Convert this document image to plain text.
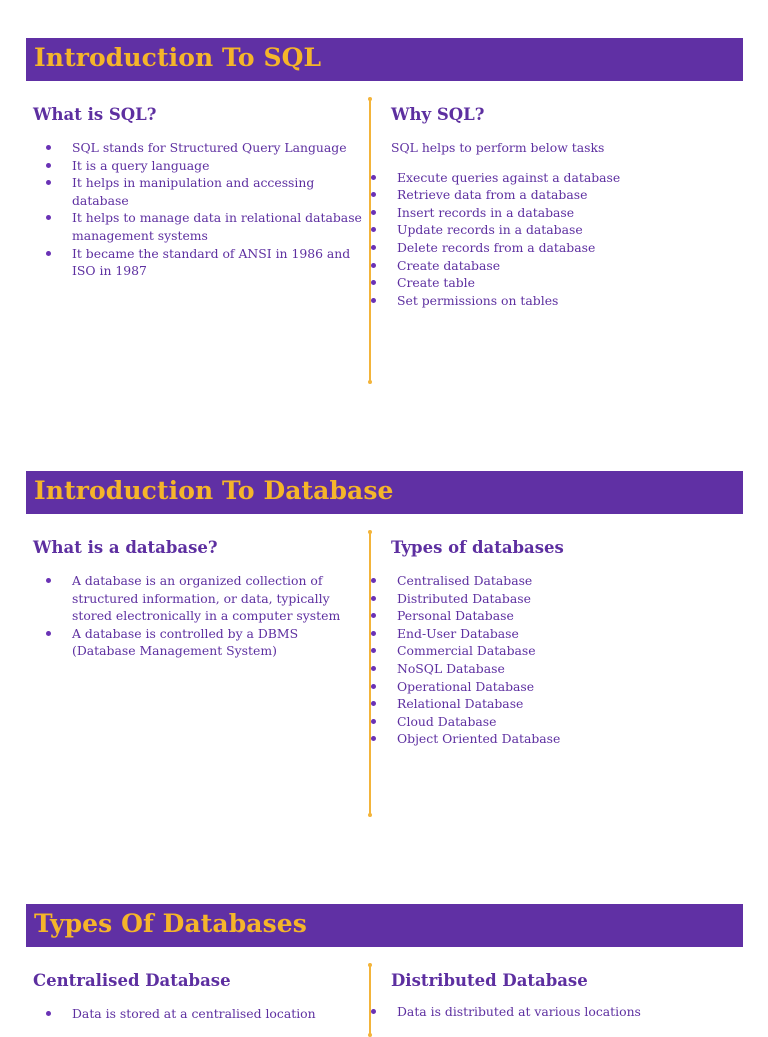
Introduction To SQL
What is SQL?
SQL stands for Structured Query Language
It is a query language
It helps in manipulation and accessing database
It helps to manage data in relational database management systems
It became the standard of ANSI in 1986 and ISO in 1987
Why SQL?

SQL helps to perform below tasks

Execute queries against a database
Retrieve data from a database
Insert records in a database
Update records in a database
Delete records from a database
Create database
Create table
Set permissions on tables
Introduction To Database
What is a database?
A database is an organized collection of structured information, or data, typically stored electronically in a computer system
A database is controlled by a DBMS (Database Management System)
Types of databases
Centralised Database
Distributed Database
Personal Database
End-User Database
Commercial Database
NoSQL Database
Operational Database
Relational Database
Cloud Database
Object Oriented Database
Types Of Databases
Centralised Database
Data is stored at a centralised location
Distributed Database
Data is distributed at various locations
